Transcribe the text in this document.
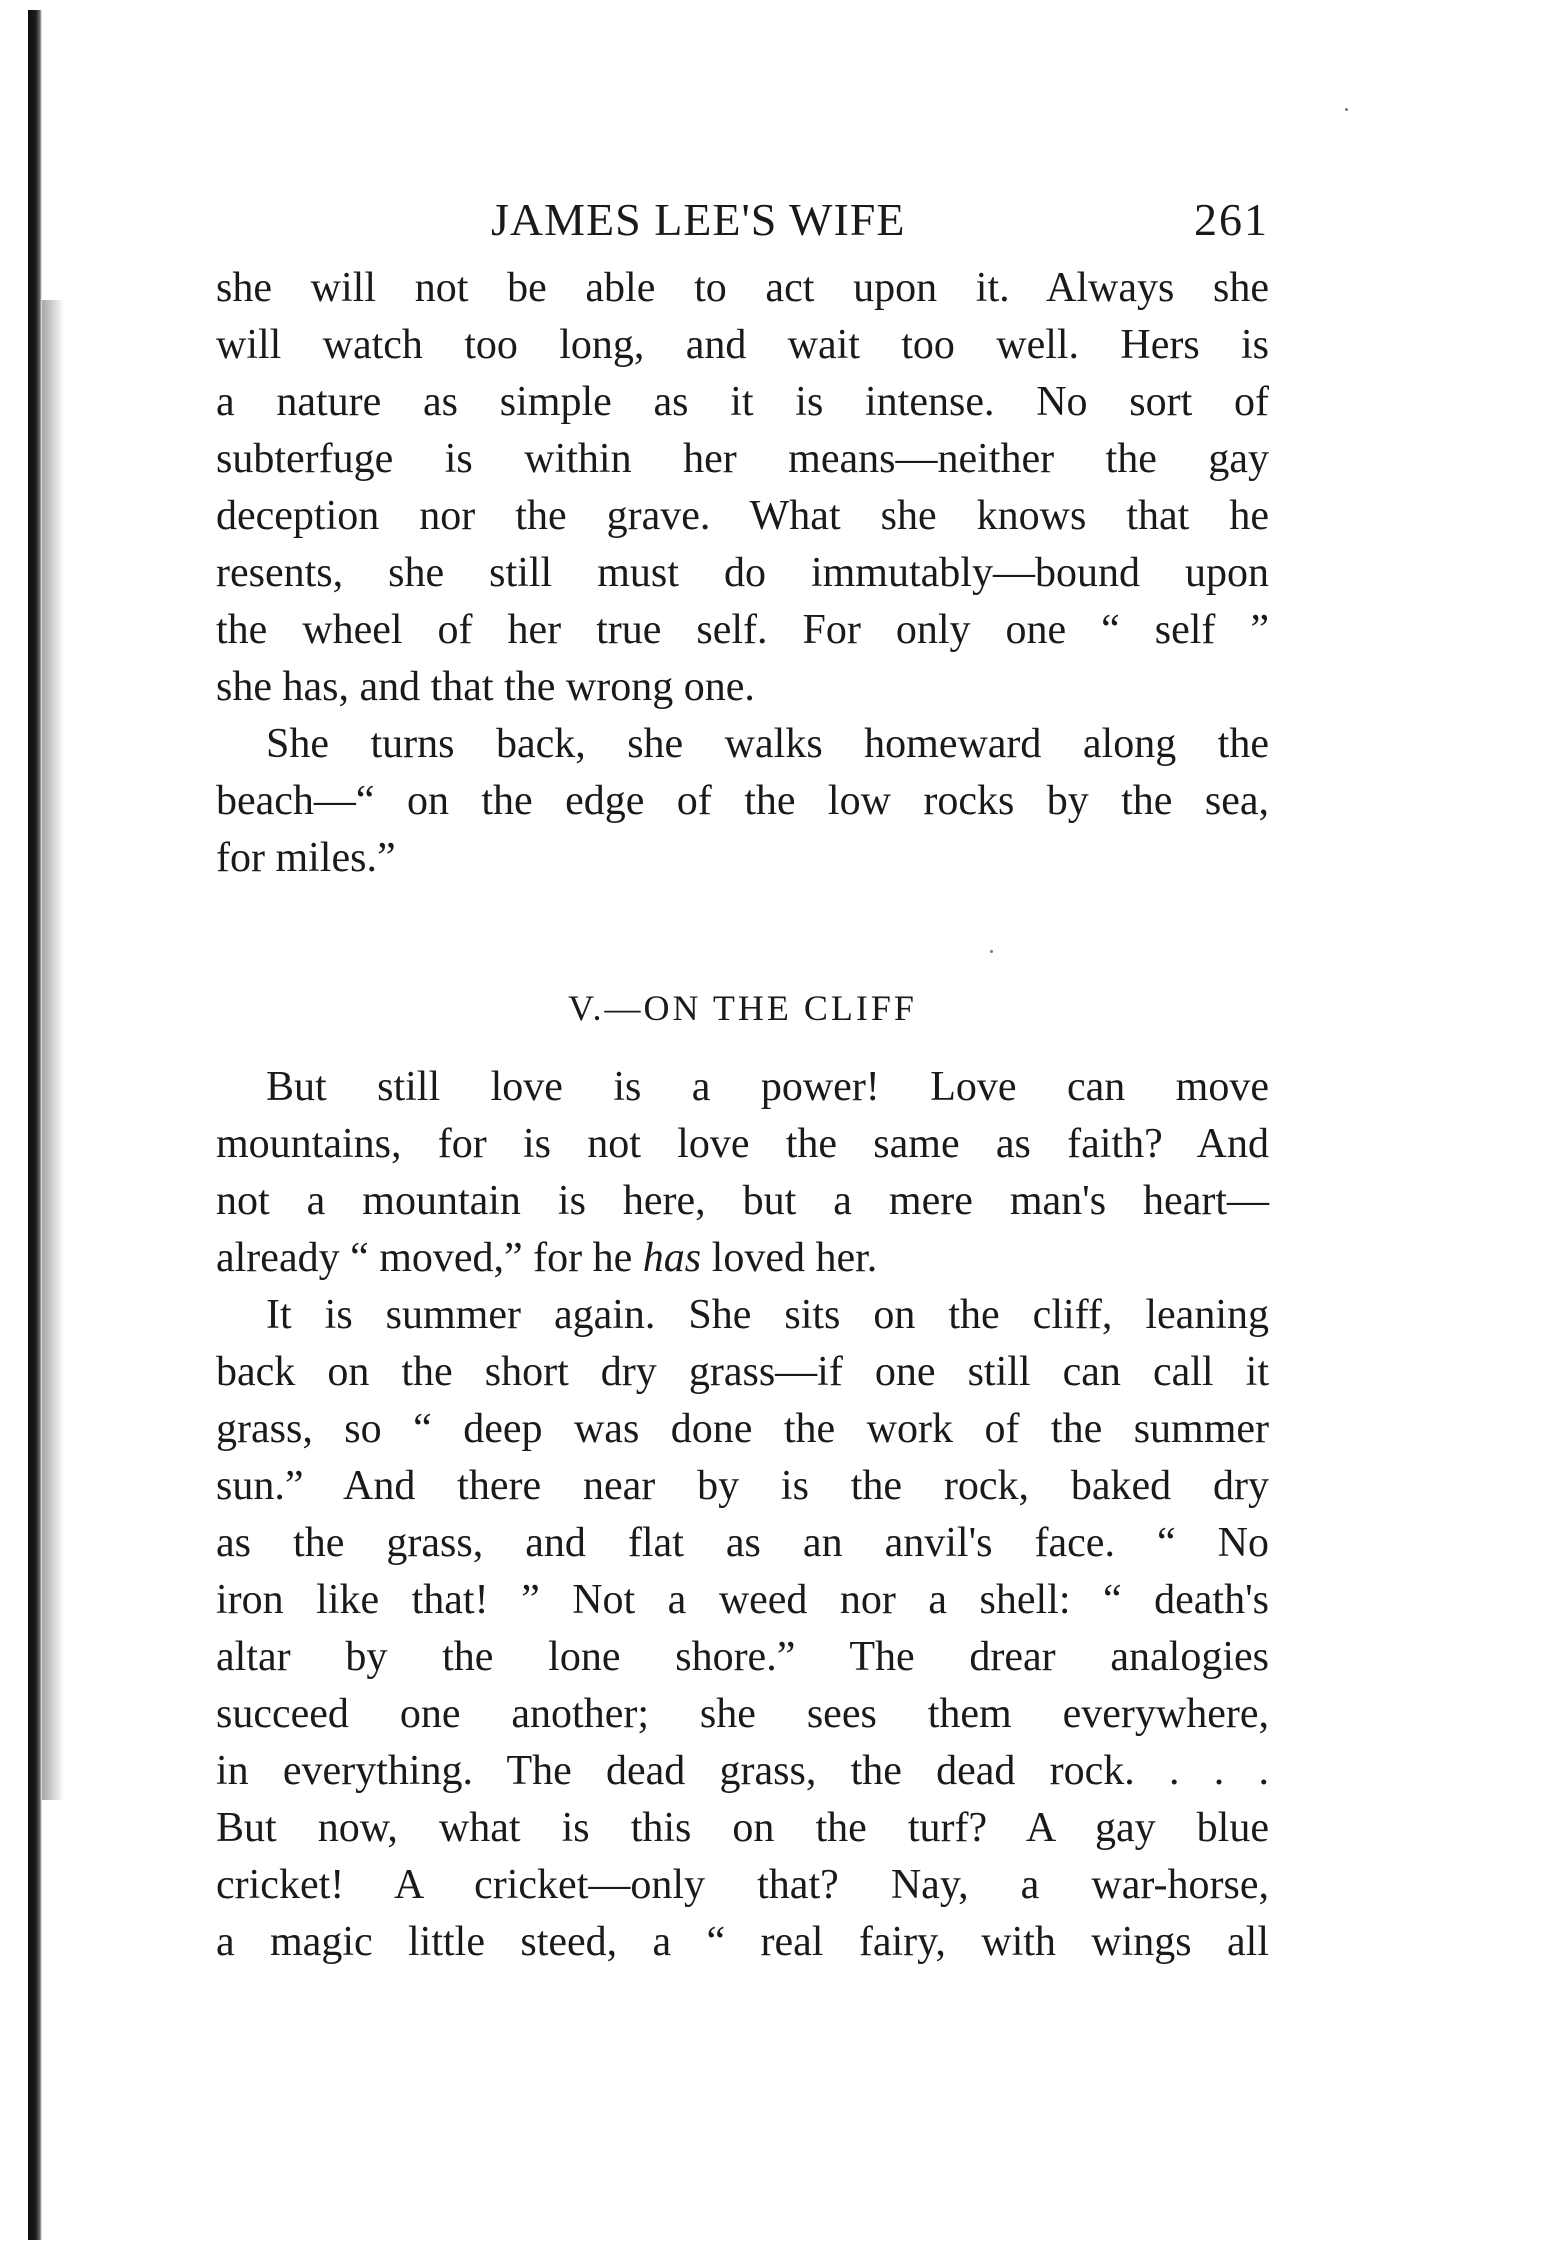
JAMES LEE'S WIFE	261
she will not be able to act upon it. Always she
will watch too long, and wait too well. Hers is
a nature as simple as it is intense. No sort of
subterfuge is within her means—neither the gay
deception nor the grave. What she knows that he
resents, she still must do immutably—bound upon
the wheel of her true self. For only one “ self ”
she has, and that the wrong one.
She turns back, she walks homeward along the
beach—“ on the edge of the low rocks by the sea,
for miles.”
V.—ON THE CLIFF
But still love is a power! Love can move
mountains, for is not love the same as faith? And
not a mountain is here, but a mere man's heart—
already “ moved,” for he has loved her.
It is summer again. She sits on the cliff, leaning
back on the short dry grass—if one still can call it
grass, so “ deep was done the work of the summer
sun.” And there near by is the rock, baked dry
as the grass, and flat as an anvil's face. “ No
iron like that! ” Not a weed nor a shell: “ death's
altar by the lone shore.” The drear analogies
succeed one another; she sees them everywhere,
in everything. The dead grass, the dead rock. . . .
But now, what is this on the turf? A gay blue
cricket! A cricket—only that? Nay, a war-horse,
a magic little steed, a “ real fairy, with wings all
